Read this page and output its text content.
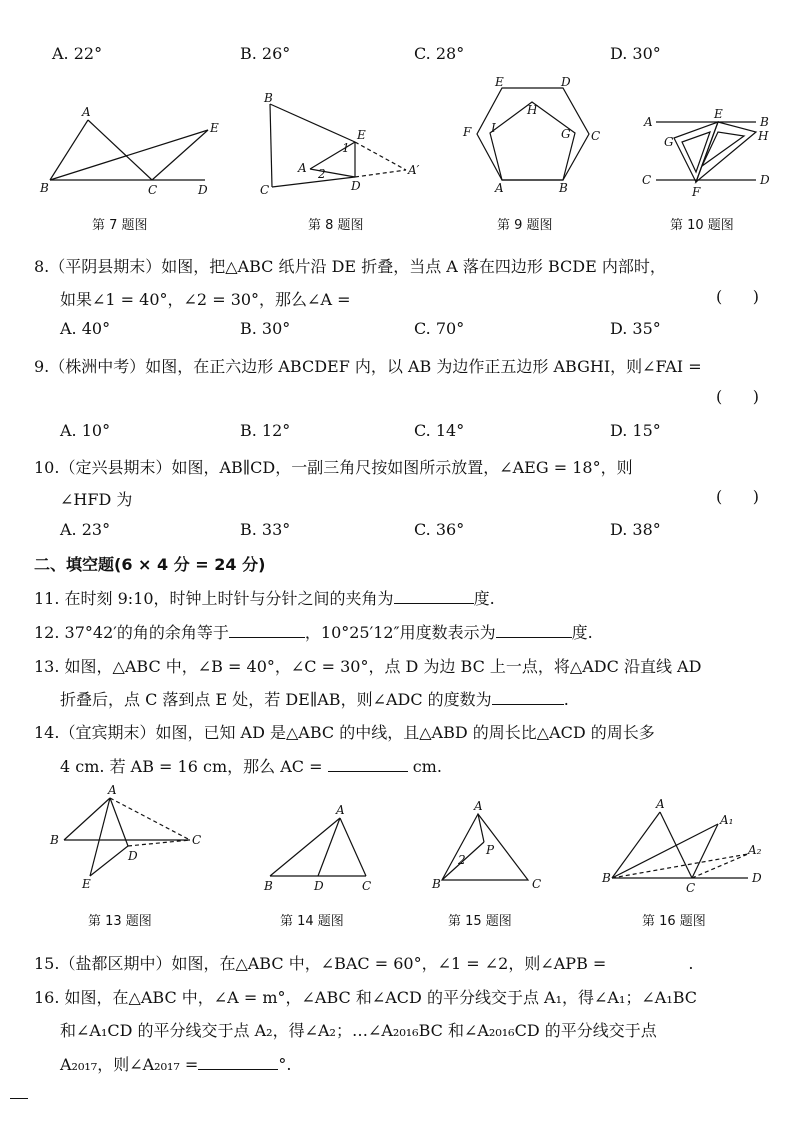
A. 22°	B. 26°	C. 28°	D. 30°
A
B	C	D
E
第 7 题图
B
E
A
1
2	A′
C	D
第 8 题图
E	D
H
F I	G C
A	B
第 9 题图
A
E
B
G	H
C
F
D
第 10 题图
8.（平阴县期末）如图，把△ABC 纸片沿 DE 折叠，当点 A 落在四边形 BCDE 内部时，
如果∠1 = 40°，∠2 = 30°，那么∠A =	(      )
A. 40°	B. 30°	C. 70°	D. 35°
9.（株洲中考）如图，在正六边形 ABCDEF 内，以 AB 为边作正五边形 ABGHI，则∠FAI =
(      )
A. 10°	B. 12°	C. 14°	D. 15°
10.（定兴县期末）如图，AB∥CD，一副三角尺按如图所示放置，∠AEG = 18°，则
∠HFD 为	(      )
A. 23°	B. 33°	C. 36°	D. 38°
二、填空题(6 × 4 分 = 24 分)
11. 在时刻 9:10，时钟上时针与分针之间的夹角为	度.
12. 37°42′的角的余角等于	，10°25′12″用度数表示为	度.
13. 如图，△ABC 中，∠B = 40°，∠C = 30°，点 D 为边 BC 上一点，将△ADC 沿直线 AD
折叠后，点 C 落到点 E 处，若 DE∥AB，则∠ADC 的度数为	.
14.（宜宾期末）如图，已知 AD 是△ABC 的中线，且△ABD 的周长比△ACD 的周长多
4 cm. 若 AB = 16 cm，那么 AC =	cm.
A
B
D
C
E
第 13 题图
A
B	D	C
第 14 题图
A
P
2
B	C
第 15 题图
A
A₁
A₂
B
C
D
第 16 题图
15.（盐都区期中）如图，在△ABC 中，∠BAC = 60°，∠1 = ∠2，则∠APB =	.
16. 如图，在△ABC 中，∠A = m°，∠ABC 和∠ACD 的平分线交于点 A₁，得∠A₁；∠A₁BC
和∠A₁CD 的平分线交于点 A₂，得∠A₂；…∠A₂₀₁₆BC 和∠A₂₀₁₆CD 的平分线交于点
A₂₀₁₇，则∠A₂₀₁₇ =	°.
